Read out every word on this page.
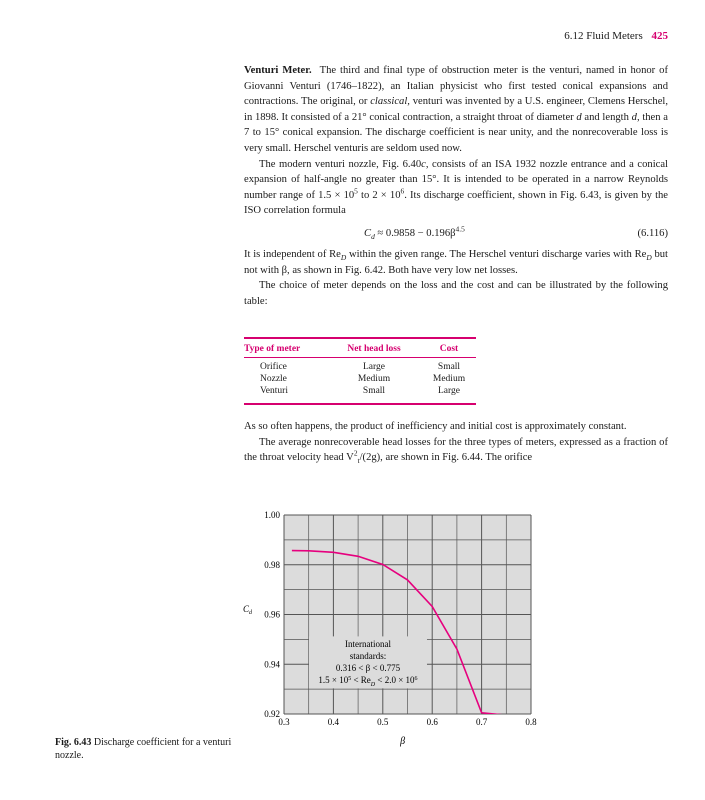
6.12 Fluid Meters 425

Venturi Meter. The third and final type of obstruction meter is the venturi, named in honor of Giovanni Venturi (1746–1822), an Italian physicist who first tested conical expansions and contractions. The original, or classical, venturi was invented by a U.S. engineer, Clemens Herschel, in 1898. It consisted of a 21° conical contraction, a straight throat of diameter d and length d, then a 7 to 15° conical expansion. The discharge coefficient is near unity, and the nonrecoverable loss is very small. Herschel venturis are seldom used now.

The modern venturi nozzle, Fig. 6.40c, consists of an ISA 1932 nozzle entrance and a conical expansion of half-angle no greater than 15°. It is intended to be operated in a narrow Reynolds number range of $1.5 \times 10^5$ to $2 \times 10^6$. Its discharge coefficient, shown in Fig. 6.43, is given by the ISO correlation formula

$C_d \approx 0.9858 - 0.196\beta^{4.5}$	(6.116)

It is independent of $Re_D$ within the given range. The Herschel venturi discharge varies with $Re_D$ but not with β, as shown in Fig. 6.42. Both have very low net losses.

The choice of meter depends on the loss and the cost and can be illustrated by the following table:

Type of meter	Net head loss	Cost
Orifice	Large	Small
Nozzle	Medium	Medium
Venturi	Small	Large

As so often happens, the product of inefficiency and initial cost is approximately constant.

The average nonrecoverable head losses for the three types of meters, expressed as a fraction of the throat velocity head $V^2_t/(2g)$, are shown in Fig. 6.44. The orifice

0.3	0.4	0.5	0.6	0.7	0.8
0.92
0.94
0.96
0.98
1.00
β
$C_d$
International
standards:
0.316 < β < 0.775
$1.5 \times 10^5 < Re_D < 2.0 \times 10^6$
Fig. 6.43 Discharge coefficient for a venturi nozzle.
